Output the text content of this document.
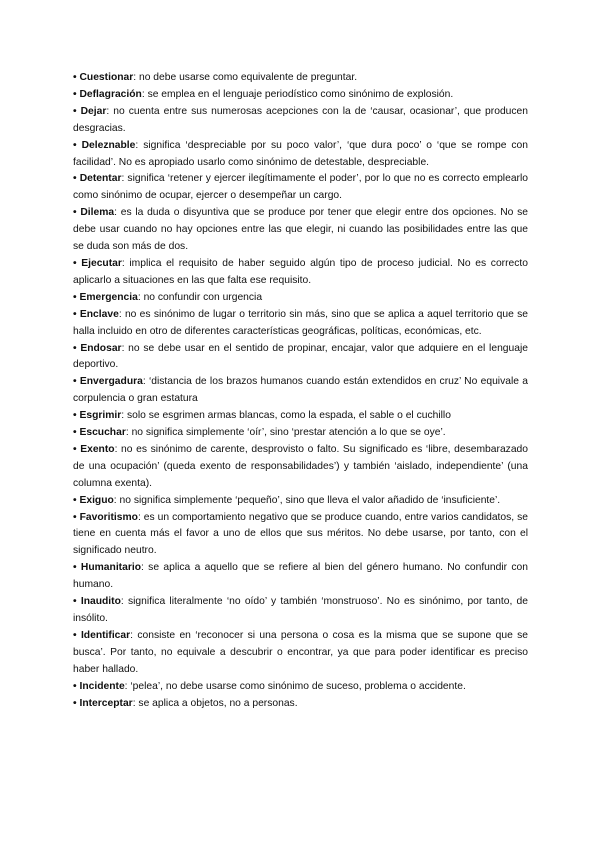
• Cuestionar: no debe usarse como equivalente de preguntar.

• Deflagración: se emplea en el lenguaje periodístico como sinónimo de explosión.

• Dejar: no cuenta entre sus numerosas acepciones con la de ‘causar, ocasionar’, que producen desgracias.

• Deleznable: significa ‘despreciable por su poco valor’, ‘que dura poco’ o ‘que se rompe con facilidad’. No es apropiado usarlo como sinónimo de detestable, despreciable.

• Detentar: significa ‘retener y ejercer ilegítimamente el poder’, por lo que no es correcto emplearlo como sinónimo de ocupar, ejercer o desempeñar un cargo.

• Dilema: es la duda o disyuntiva que se produce por tener que elegir entre dos opciones. No se debe usar cuando no hay opciones entre las que elegir, ni cuando las posibilidades entre las que se duda son más de dos.

• Ejecutar: implica el requisito de haber seguido algún tipo de proceso judicial. No es correcto aplicarlo a situaciones en las que falta ese requisito.

• Emergencia: no confundir con urgencia

• Enclave: no es sinónimo de lugar o territorio sin más, sino que se aplica a aquel territorio que se halla incluido en otro de diferentes características geográficas, políticas, económicas, etc.

• Endosar: no se debe usar en el sentido de propinar, encajar, valor que adquiere en el lenguaje deportivo.

• Envergadura: ‘distancia de los brazos humanos cuando están extendidos en cruz’ No equivale a corpulencia o gran estatura

• Esgrimir: solo se esgrimen armas blancas, como la espada, el sable o el cuchillo

• Escuchar: no significa simplemente ‘oír’, sino ‘prestar atención a lo que se oye’.

• Exento: no es sinónimo de carente, desprovisto o falto. Su significado es ‘libre, desembarazado de una ocupación’ (queda exento de responsabilidades’) y también ‘aislado, independiente’ (una columna exenta).

• Exiguo: no significa simplemente ‘pequeño’, sino que lleva el valor añadido de ‘insuficiente’.

• Favoritismo: es un comportamiento negativo que se produce cuando, entre varios candidatos, se tiene en cuenta más el favor a uno de ellos que sus méritos. No debe usarse, por tanto, con el significado neutro.

• Humanitario: se aplica a aquello que se refiere al bien del género humano. No confundir con humano.

• Inaudito: significa literalmente ‘no oído’ y también ‘monstruoso’. No es sinónimo, por tanto, de insólito.

• Identificar: consiste en ‘reconocer si una persona o cosa es la misma que se supone que se busca’. Por tanto, no equivale a descubrir o encontrar, ya que para poder identificar es preciso haber hallado.

• Incidente: ‘pelea’, no debe usarse como sinónimo de suceso, problema o accidente.

• Interceptar: se aplica a objetos, no a personas.
